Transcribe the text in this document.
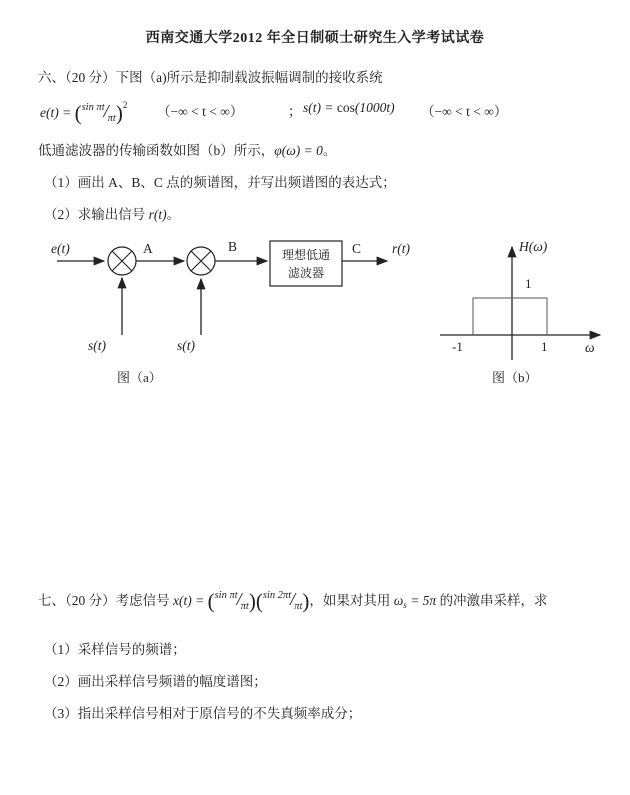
西南交通大学2012 年全日制硕士研究生入学考试试卷
六、（20 分）下图（a)所示是抑制载波振幅调制的接收系统
$e(t) = (^{sin \pi t}/_{\pi t})^2$ （−∞ < t < ∞）	； s(t) = cos(1000t) （−∞ < t < ∞）
低通滤波器的传输函数如图（b）所示，φ(ω) = 0。
（1）画出 A、B、C 点的频谱图，并写出频谱图的表达式；
（2）求输出信号 r(t)。
e(t)	A	B
理想低通
滤波器
C r(t)
s(t)	s(t)
图（a）
H(ω)
1
-1	1	ω
图（b）
七、（20 分）考虑信号 $x(t) = (^{sin \pi t}/_{\pi t})(^{sin 2\pi t}/_{\pi t})$，如果对其用 $\omega_s = 5\pi$ 的冲激串采样，求
（1）采样信号的频谱；
（2）画出采样信号频谱的幅度谱图；
（3）指出采样信号相对于原信号的不失真频率成分；
